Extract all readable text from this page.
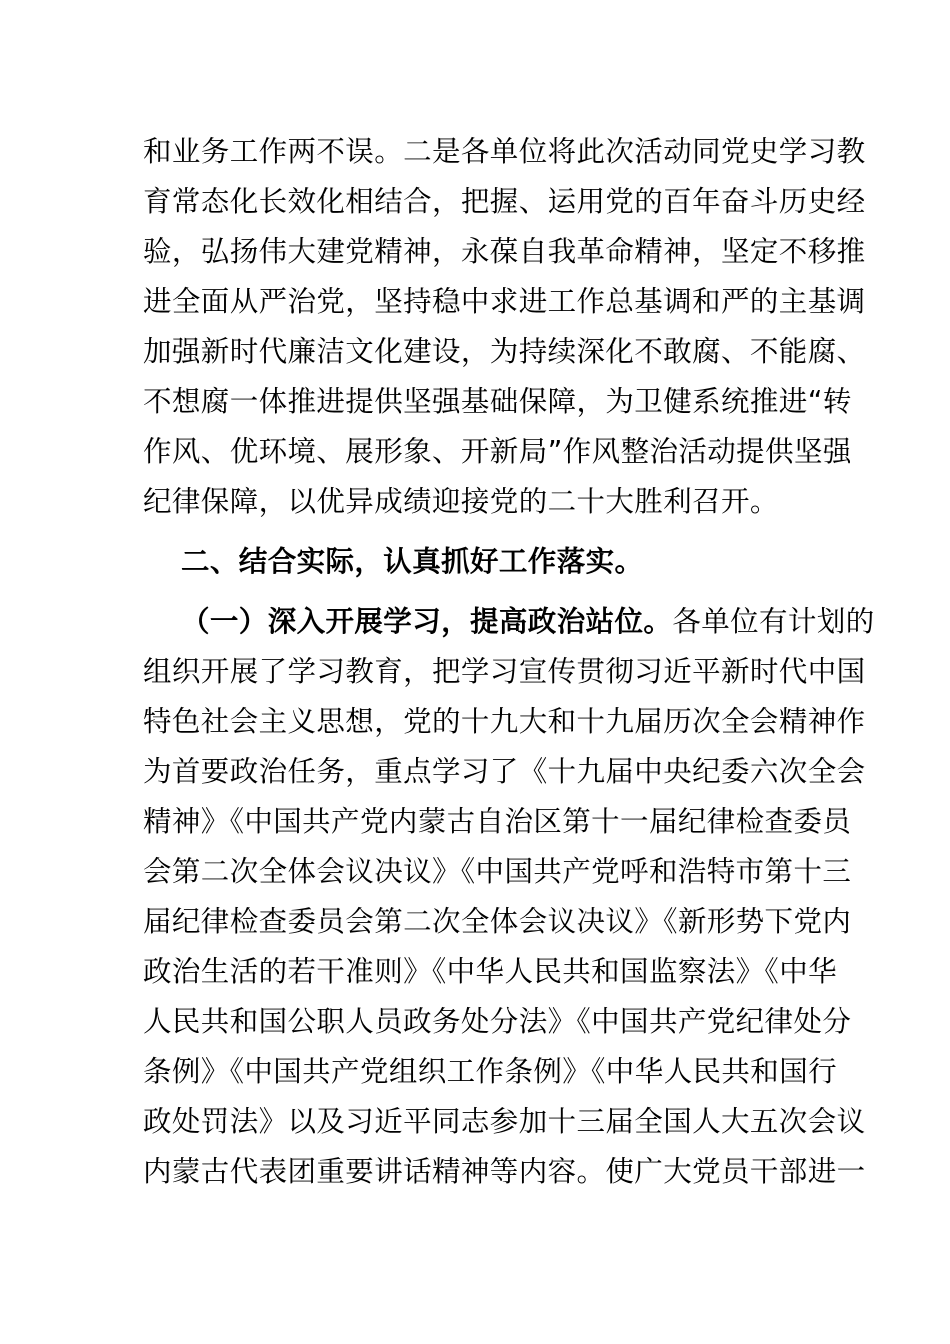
和业务工作两不误。二是各单位将此次活动同党史学习教
育常态化长效化相结合，把握、运用党的百年奋斗历史经
验，弘扬伟大建党精神，永葆自我革命精神，坚定不移推
进全面从严治党，坚持稳中求进工作总基调和严的主基调
加强新时代廉洁文化建设，为持续深化不敢腐、不能腐、
不想腐一体推进提供坚强基础保障，为卫健系统推进“转
作风、优环境、展形象、开新局”作风整治活动提供坚强
纪律保障，以优异成绩迎接党的二十大胜利召开。
二、结合实际，认真抓好工作落实。
（一）深入开展学习，提高政治站位。各单位有计划的
组织开展了学习教育，把学习宣传贯彻习近平新时代中国
特色社会主义思想，党的十九大和十九届历次全会精神作
为首要政治任务，重点学习了《十九届中央纪委六次全会
精神》《中国共产党内蒙古自治区第十一届纪律检查委员
会第二次全体会议决议》《中国共产党呼和浩特市第十三
届纪律检查委员会第二次全体会议决议》《新形势下党内
政治生活的若干准则》《中华人民共和国监察法》《中华
人民共和国公职人员政务处分法》《中国共产党纪律处分
条例》《中国共产党组织工作条例》《中华人民共和国行
政处罚法》以及习近平同志参加十三届全国人大五次会议
内蒙古代表团重要讲话精神等内容。使广大党员干部进一
